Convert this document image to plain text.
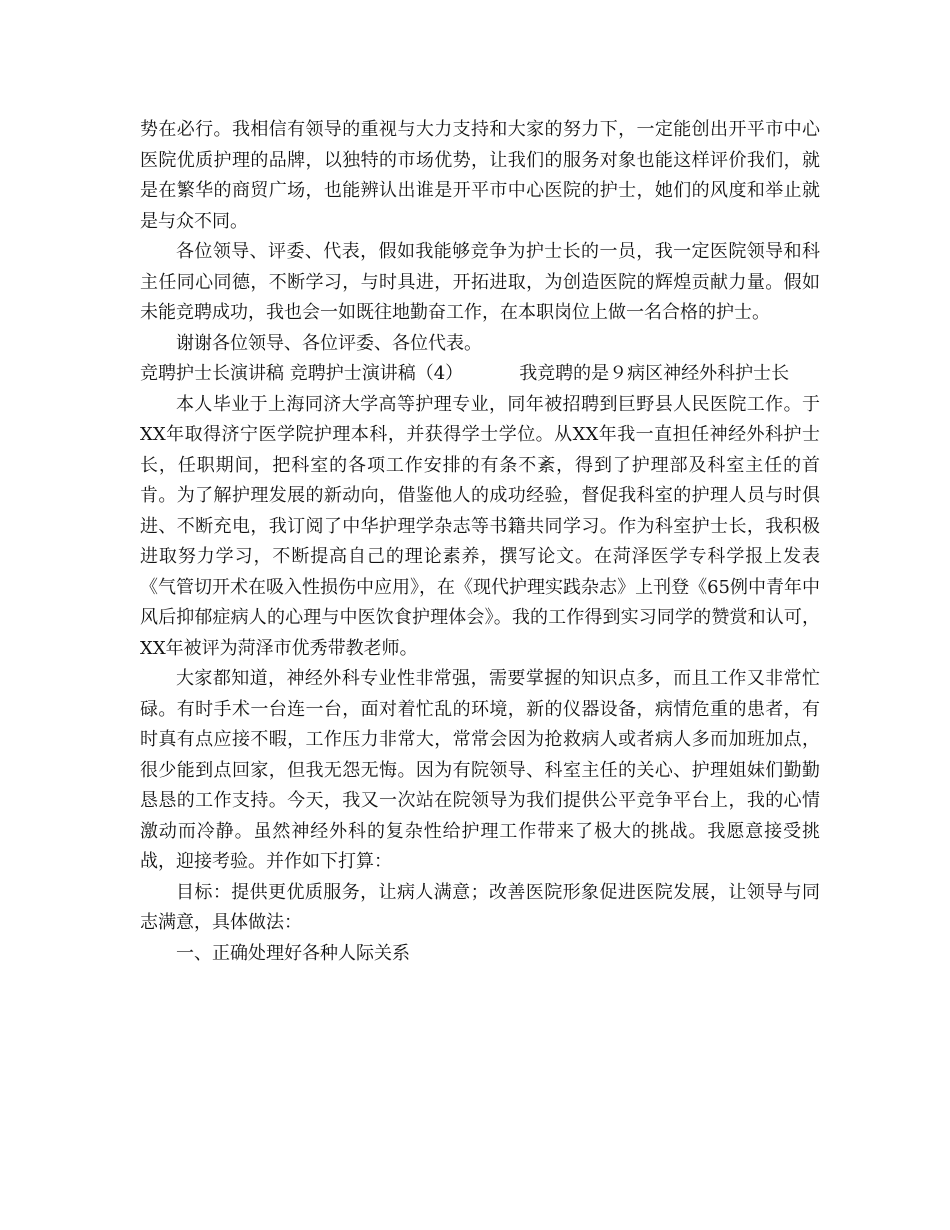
势在必行。我相信有领导的重视与大力支持和大家的努力下，一定能创出开平市中心医院优质护理的品牌，以独特的市场优势，让我们的服务对象也能这样评价我们，就是在繁华的商贸广场，也能辨认出谁是开平市中心医院的护士，她们的风度和举止就是与众不同。

各位领导、评委、代表，假如我能够竞争为护士长的一员，我一定医院领导和科主任同心同德，不断学习，与时具进，开拓进取，为创造医院的辉煌贡献力量。假如未能竞聘成功，我也会一如既往地勤奋工作，在本职岗位上做一名合格的护士。

谢谢各位领导、各位评委、各位代表。

竞聘护士长演讲稿 竞聘护士演讲稿（4）	我竞聘的是９病区神经外科护士长

本人毕业于上海同济大学高等护理专业，同年被招聘到巨野县人民医院工作。于XX年取得济宁医学院护理本科，并获得学士学位。从XX年我一直担任神经外科护士长，任职期间，把科室的各项工作安排的有条不紊，得到了护理部及科室主任的首肯。为了解护理发展的新动向，借鉴他人的成功经验，督促我科室的护理人员与时俱进、不断充电，我订阅了中华护理学杂志等书籍共同学习。作为科室护士长，我积极进取努力学习，不断提高自己的理论素养，撰写论文。在菏泽医学专科学报上发表《气管切开术在吸入性损伤中应用》，在《现代护理实践杂志》上刊登《65例中青年中风后抑郁症病人的心理与中医饮食护理体会》。我的工作得到实习同学的赞赏和认可，XX年被评为菏泽市优秀带教老师。

大家都知道，神经外科专业性非常强，需要掌握的知识点多，而且工作又非常忙碌。有时手术一台连一台，面对着忙乱的环境，新的仪器设备，病情危重的患者，有时真有点应接不暇，工作压力非常大，常常会因为抢救病人或者病人多而加班加点，很少能到点回家，但我无怨无悔。因为有院领导、科室主任的关心、护理姐妹们勤勤恳恳的工作支持。今天，我又一次站在院领导为我们提供公平竞争平台上，我的心情激动而冷静。虽然神经外科的复杂性给护理工作带来了极大的挑战。我愿意接受挑战，迎接考验。并作如下打算：

目标：提供更优质服务，让病人满意；改善医院形象促进医院发展，让领导与同志满意，具体做法：

一、正确处理好各种人际关系
